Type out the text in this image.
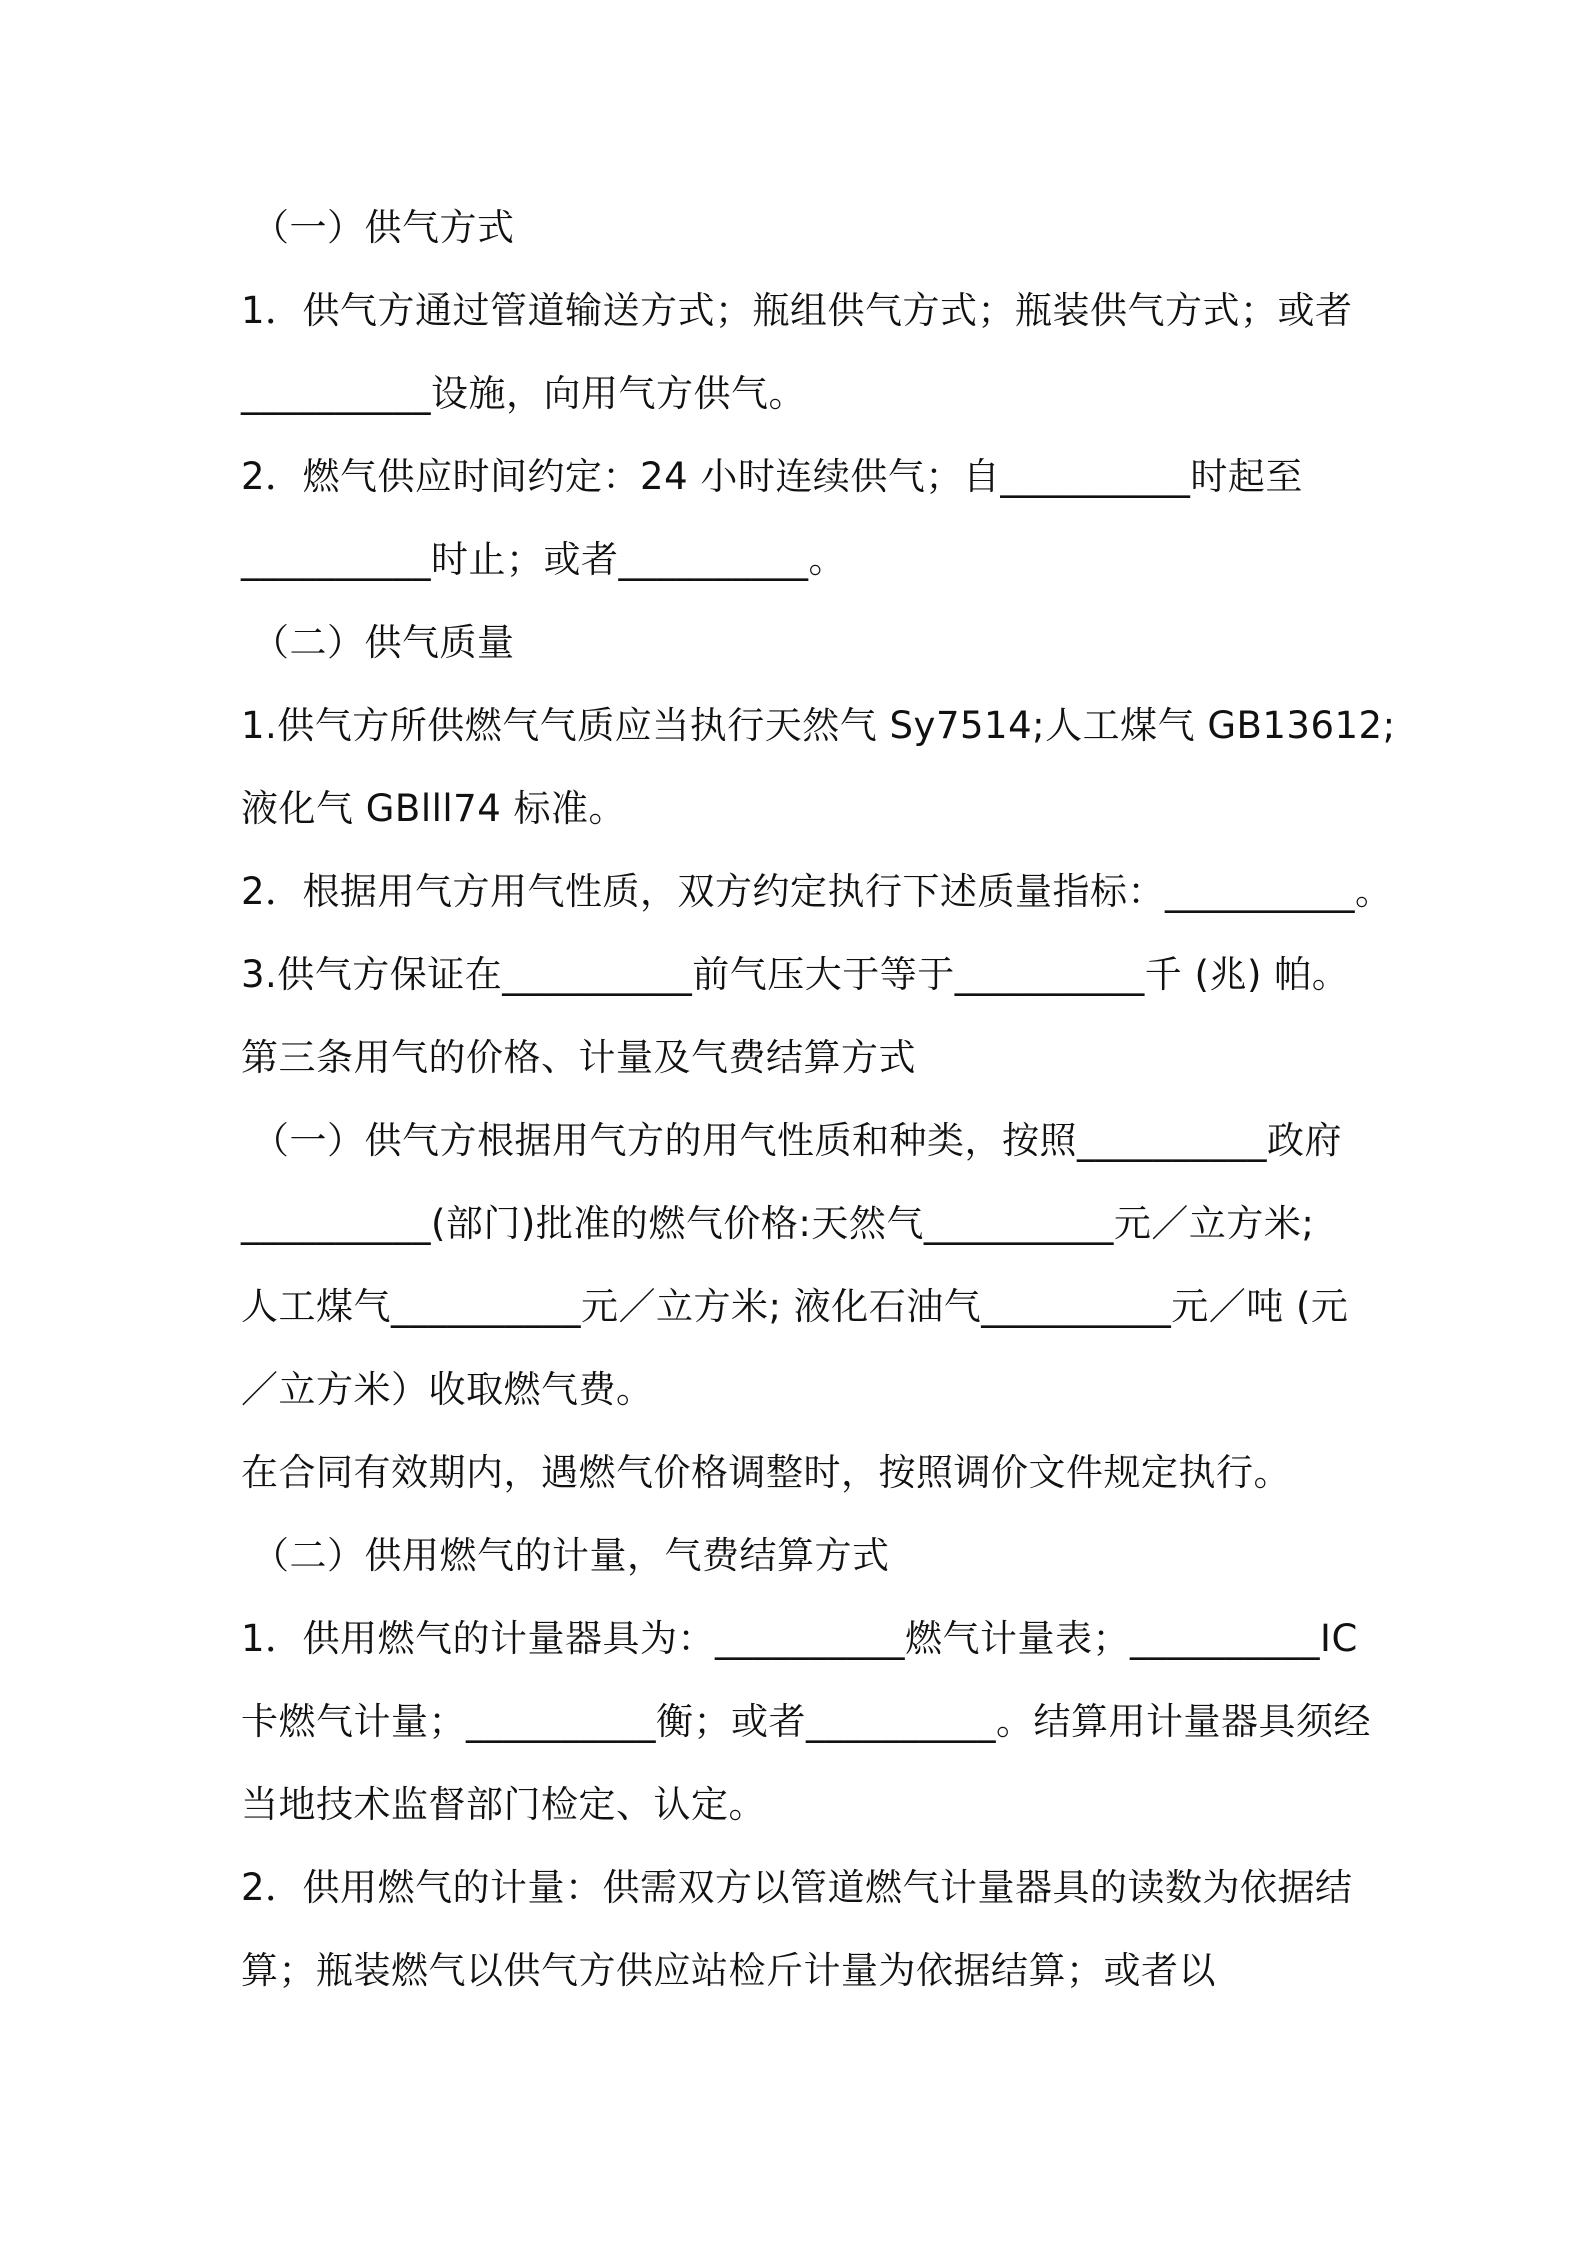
（一）供气方式
1．供气方通过管道输送方式；瓶组供气方式；瓶装供气方式；或者
__________设施，向用气方供气。
2．燃气供应时间约定：24 小时连续供气；自__________时起至
__________时止；或者__________。
（二）供气质量
1.供气方所供燃气气质应当执行天然气 Sy7514;人工煤气 GB13612;
液化气 GBlll74 标准。
2．根据用气方用气性质，双方约定执行下述质量指标：__________。
3.供气方保证在__________前气压大于等于__________千 (兆) 帕。
第三条用气的价格、计量及气费结算方式
（一）供气方根据用气方的用气性质和种类，按照__________政府
__________(部门)批准的燃气价格:天然气__________元／立方米;
人工煤气__________元／立方米; 液化石油气__________元／吨 (元
／立方米）收取燃气费。
在合同有效期内，遇燃气价格调整时，按照调价文件规定执行。
（二）供用燃气的计量，气费结算方式
1．供用燃气的计量器具为：__________燃气计量表；__________IC
卡燃气计量；__________衡；或者__________。结算用计量器具须经
当地技术监督部门检定、认定。
2．供用燃气的计量：供需双方以管道燃气计量器具的读数为依据结
算；瓶装燃气以供气方供应站检斤计量为依据结算；或者以
